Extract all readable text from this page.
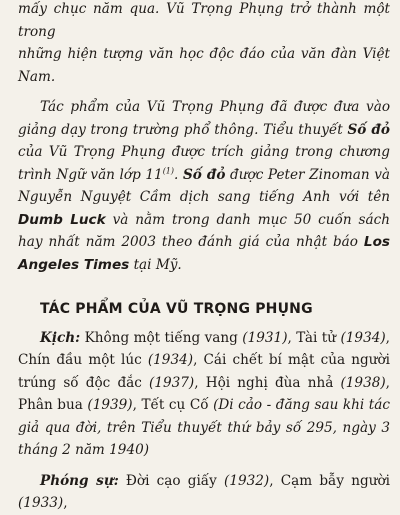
mấy chục năm qua. Vũ Trọng Phụng trở thành một trong
những hiện tượng văn học độc đáo của văn đàn Việt Nam.

Tác phẩm của Vũ Trọng Phụng đã được đưa vào giảng dạy trong trường phổ thông. Tiểu thuyết Số đỏ của Vũ Trọng Phụng được trích giảng trong chương trình Ngữ văn lớp 11$^{(1)}$. Số đỏ được Peter Zinoman và Nguyễn Nguyệt Cầm dịch sang tiếng Anh với tên Dumb Luck và nằm trong danh mục 50 cuốn sách hay nhất năm 2003 theo đánh giá của nhật báo Los Angeles Times tại Mỹ.

TÁC PHẨM CỦA VŨ TRỌNG PHỤNG

Kịch: Không một tiếng vang (1931), Tài tử (1934), Chín đầu một lúc (1934), Cái chết bí mật của người trúng số độc đắc (1937), Hội nghị đùa nhả (1938), Phân bua (1939), Tết cụ Cố (Di cảo - đăng sau khi tác giả qua đời, trên Tiểu thuyết thứ bảy số 295, ngày 3 tháng 2 năm 1940)

Phóng sự: Đời cạo giấy (1932), Cạm bẫy người (1933),
